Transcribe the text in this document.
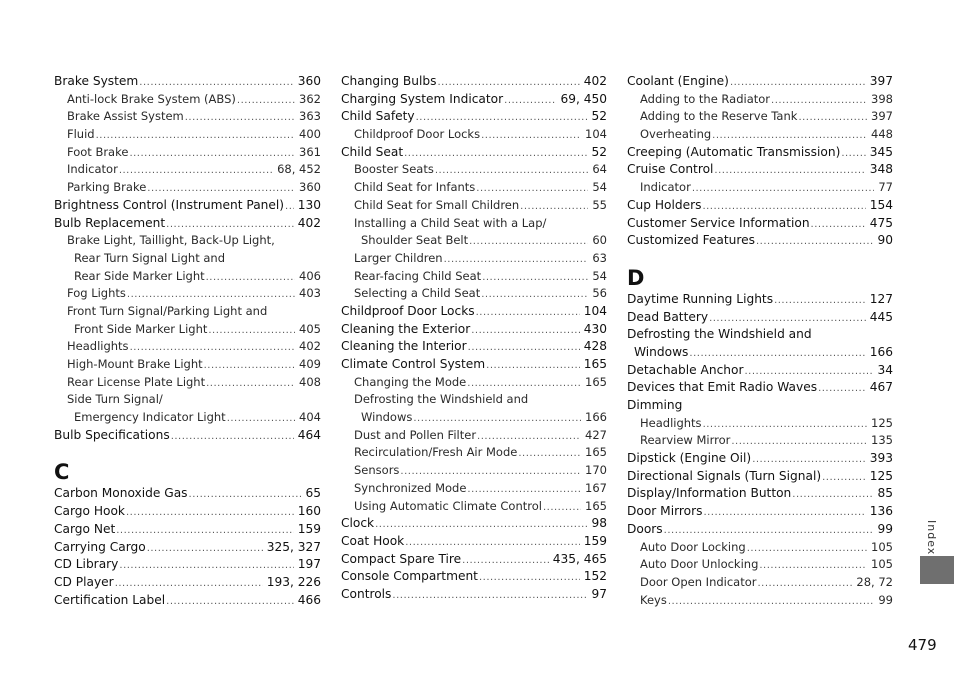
Brake System .....	360
Anti-lock Brake System (ABS) .....	362
Brake Assist System .....	363
Fluid .....	400
Foot Brake .....	361
Indicator .....	68, 452
Parking Brake .....	360
Brightness Control (Instrument Panel) ..... 130
Bulb Replacement .....	402
Brake Light, Taillight, Back-Up Light,
Rear Turn Signal Light and
Rear Side Marker Light .....	406
Fog Lights .....	403
Front Turn Signal/Parking Light and
Front Side Marker Light .....	405
Headlights .....	402
High-Mount Brake Light .....	409
Rear License Plate Light .....	408
Side Turn Signal/
Emergency Indicator Light .....	404
Bulb Specifications .....	464
C
Carbon Monoxide Gas .....	65
Cargo Hook .....	160
Cargo Net .....	159
Carrying Cargo .....	325, 327
CD Library .....	197
CD Player .....	193, 226
Certification Label .....	466
Changing Bulbs .....	402
Charging System Indicator .....	69, 450
Child Safety .....	52
Childproof Door Locks .....	104
Child Seat .....	52
Booster Seats .....	64
Child Seat for Infants .....	54
Child Seat for Small Children .....	55
Installing a Child Seat with a Lap/
Shoulder Seat Belt .....	60
Larger Children .....	63
Rear-facing Child Seat .....	54
Selecting a Child Seat .....	56
Childproof Door Locks .....	104
Cleaning the Exterior .....	430
Cleaning the Interior .....	428
Climate Control System .....	165
Changing the Mode .....	165
Defrosting the Windshield and
Windows .....	166
Dust and Pollen Filter .....	427
Recirculation/Fresh Air Mode .....	165
Sensors .....	170
Synchronized Mode .....	167
Using Automatic Climate Control .....	165
Clock .....	98
Coat Hook .....	159
Compact Spare Tire .....	435, 465
Console Compartment .....	152
Controls .....	97
Coolant (Engine) .....	397
Adding to the Radiator .....	398
Adding to the Reserve Tank .....	397
Overheating .....	448
Creeping (Automatic Transmission) ..... 345
Cruise Control .....	348
Indicator .....	77
Cup Holders .....	154
Customer Service Information .....	475
Customized Features .....	90
D
Daytime Running Lights .....	127
Dead Battery .....	445
Defrosting the Windshield and
Windows .....	166
Detachable Anchor .....	34
Devices that Emit Radio Waves .....	467
Dimming
Headlights .....	125
Rearview Mirror .....	135
Dipstick (Engine Oil) .....	393
Directional Signals (Turn Signal) .....	125
Display/Information Button .....	85
Door Mirrors .....	136
Doors .....	99
Auto Door Locking .....	105
Auto Door Unlocking .....	105
Door Open Indicator .....	28, 72
Keys .....	99
Index
479
